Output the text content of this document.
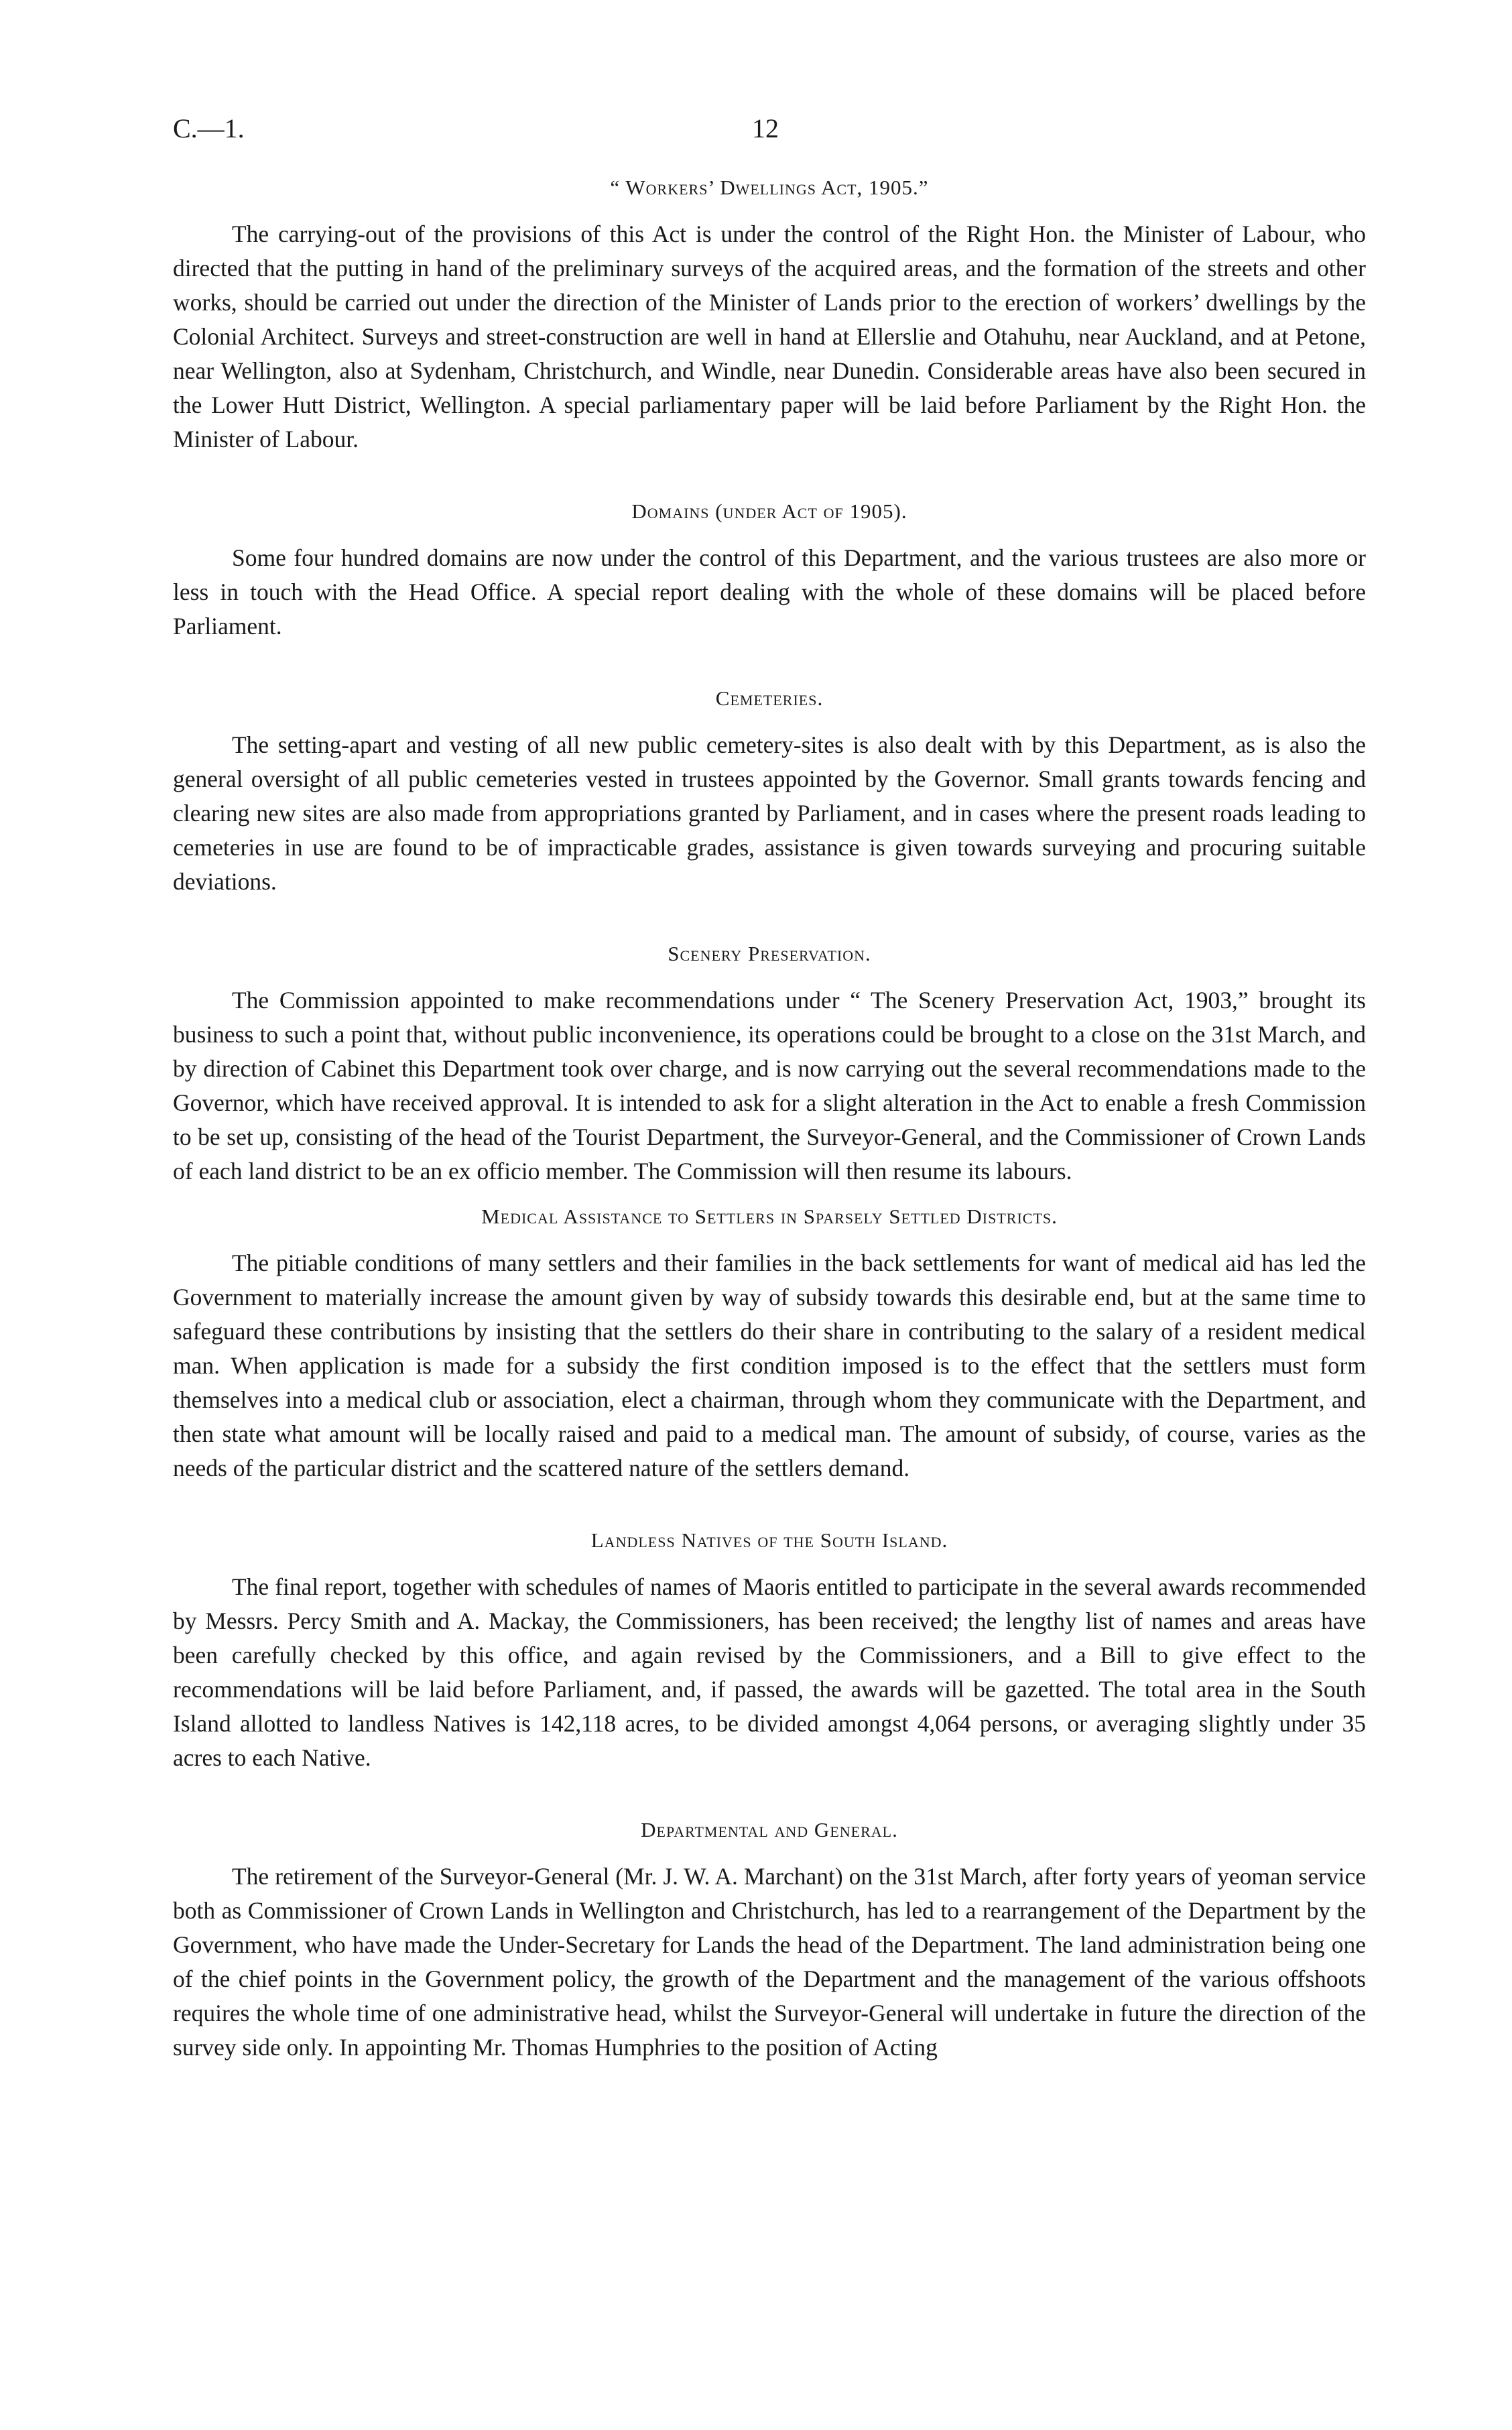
C.—1.	12
“ Workers’ Dwellings Act, 1905.”

The carrying-out of the provisions of this Act is under the control of the Right Hon. the Minister of Labour, who directed that the putting in hand of the preliminary surveys of the acquired areas, and the formation of the streets and other works, should be carried out under the direction of the Minister of Lands prior to the erection of workers’ dwellings by the Colonial Architect. Surveys and street-construction are well in hand at Ellerslie and Otahuhu, near Auckland, and at Petone, near Wellington, also at Sydenham, Christchurch, and Windle, near Dunedin. Considerable areas have also been secured in the Lower Hutt District, Wellington. A special parliamentary paper will be laid before Parliament by the Right Hon. the Minister of Labour.

Domains (under Act of 1905).

Some four hundred domains are now under the control of this Department, and the various trustees are also more or less in touch with the Head Office. A special report dealing with the whole of these domains will be placed before Parliament.

Cemeteries.

The setting-apart and vesting of all new public cemetery-sites is also dealt with by this Department, as is also the general oversight of all public cemeteries vested in trustees appointed by the Governor. Small grants towards fencing and clearing new sites are also made from appropriations granted by Parliament, and in cases where the present roads leading to cemeteries in use are found to be of impracticable grades, assistance is given towards surveying and procuring suitable deviations.

Scenery Preservation.

The Commission appointed to make recommendations under “ The Scenery Preservation Act, 1903,” brought its business to such a point that, without public inconvenience, its operations could be brought to a close on the 31st March, and by direction of Cabinet this Department took over charge, and is now carrying out the several recommendations made to the Governor, which have received approval. It is intended to ask for a slight alteration in the Act to enable a fresh Commission to be set up, consisting of the head of the Tourist Department, the Surveyor-General, and the Commissioner of Crown Lands of each land district to be an ex officio member. The Commission will then resume its labours.

Medical Assistance to Settlers in Sparsely Settled Districts.

The pitiable conditions of many settlers and their families in the back settlements for want of medical aid has led the Government to materially increase the amount given by way of subsidy towards this desirable end, but at the same time to safeguard these contributions by insisting that the settlers do their share in contributing to the salary of a resident medical man. When application is made for a subsidy the first condition imposed is to the effect that the settlers must form themselves into a medical club or association, elect a chairman, through whom they communicate with the Department, and then state what amount will be locally raised and paid to a medical man. The amount of subsidy, of course, varies as the needs of the particular district and the scattered nature of the settlers demand.

Landless Natives of the South Island.

The final report, together with schedules of names of Maoris entitled to participate in the several awards recommended by Messrs. Percy Smith and A. Mackay, the Commissioners, has been received; the lengthy list of names and areas have been carefully checked by this office, and again revised by the Commissioners, and a Bill to give effect to the recommendations will be laid before Parliament, and, if passed, the awards will be gazetted. The total area in the South Island allotted to landless Natives is 142,118 acres, to be divided amongst 4,064 persons, or averaging slightly under 35 acres to each Native.

Departmental and General.

The retirement of the Surveyor-General (Mr. J. W. A. Marchant) on the 31st March, after forty years of yeoman service both as Commissioner of Crown Lands in Wellington and Christchurch, has led to a rearrangement of the Department by the Government, who have made the Under-Secretary for Lands the head of the Department. The land administration being one of the chief points in the Government policy, the growth of the Department and the management of the various offshoots requires the whole time of one administrative head, whilst the Surveyor-General will undertake in future the direction of the survey side only. In appointing Mr. Thomas Humphries to the position of Acting
